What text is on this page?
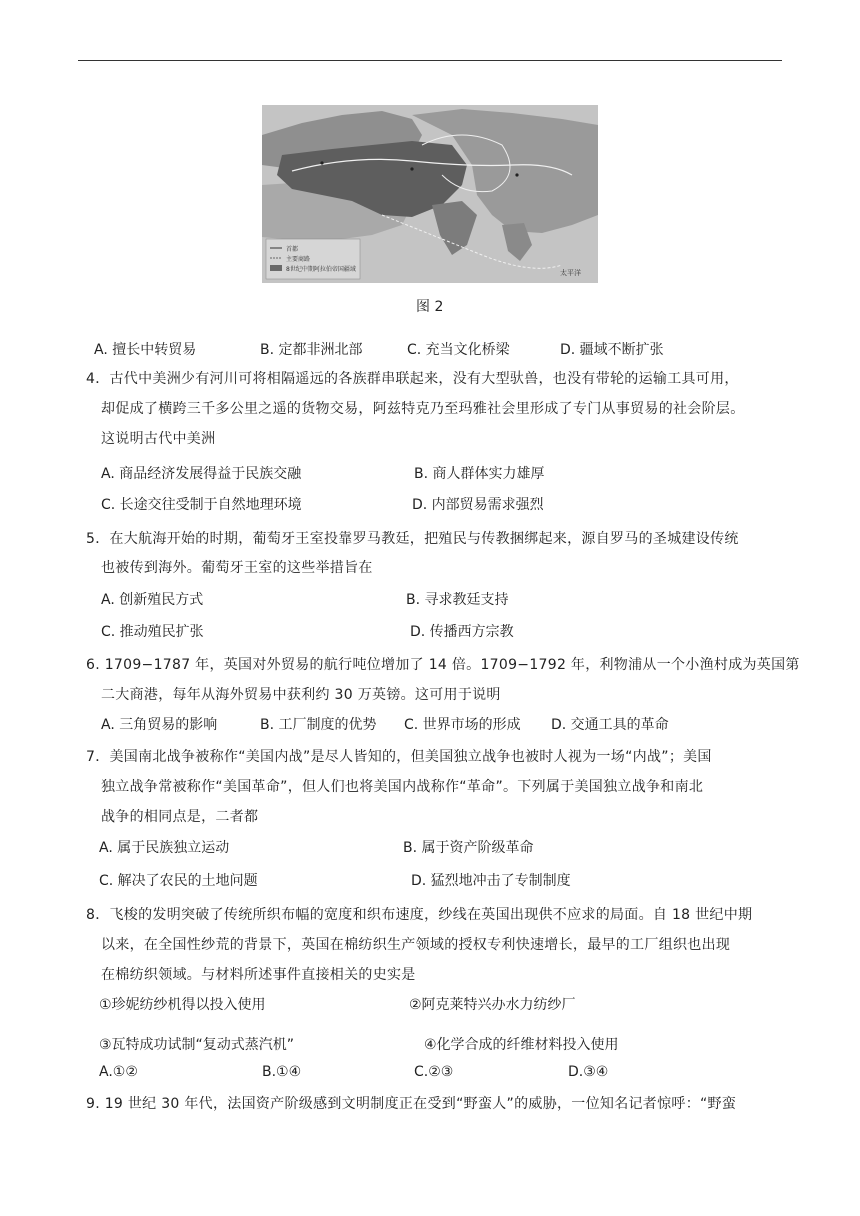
首都
主要商路
8世纪中期阿拉伯帝国疆域	太平洋
图 2
A. 擅长中转贸易	B. 定都非洲北部	C. 充当文化桥梁	D. 疆域不断扩张
4．古代中美洲少有河川可将相隔遥远的各族群串联起来，没有大型驮兽，也没有带轮的运输工具可用，
却促成了横跨三千多公里之遥的货物交易，阿兹特克乃至玛雅社会里形成了专门从事贸易的社会阶层。
这说明古代中美洲
A. 商品经济发展得益于民族交融	B. 商人群体实力雄厚
C. 长途交往受制于自然地理环境	D. 内部贸易需求强烈
5．在大航海开始的时期，葡萄牙王室投靠罗马教廷，把殖民与传教捆绑起来，源自罗马的圣城建设传统
也被传到海外。葡萄牙王室的这些举措旨在
A. 创新殖民方式	B. 寻求教廷支持
C. 推动殖民扩张	D. 传播西方宗教
6. 1709−1787 年，英国对外贸易的航行吨位增加了 14 倍。1709−1792 年，利物浦从一个小渔村成为英国第
二大商港，每年从海外贸易中获利约 30 万英镑。这可用于说明
A. 三角贸易的影响	B. 工厂制度的优势 C. 世界市场的形成 D. 交通工具的革命
7．美国南北战争被称作“美国内战”是尽人皆知的，但美国独立战争也被时人视为一场“内战”；美国
独立战争常被称作“美国革命”，但人们也将美国内战称作“革命”。下列属于美国独立战争和南北
战争的相同点是，二者都
A. 属于民族独立运动	B. 属于资产阶级革命
C. 解决了农民的土地问题	D. 猛烈地冲击了专制制度
8．飞梭的发明突破了传统所织布幅的宽度和织布速度，纱线在英国出现供不应求的局面。自 18 世纪中期
以来，在全国性纱荒的背景下，英国在棉纺织生产领域的授权专利快速增长，最早的工厂组织也出现
在棉纺织领域。与材料所述事件直接相关的史实是
①珍妮纺纱机得以投入使用	②阿克莱特兴办水力纺纱厂
③瓦特成功试制“复动式蒸汽机”	④化学合成的纤维材料投入使用
A.①②	B.①④	C.②③	D.③④
9. 19 世纪 30 年代，法国资产阶级感到文明制度正在受到“野蛮人”的威胁，一位知名记者惊呼：“野蛮
